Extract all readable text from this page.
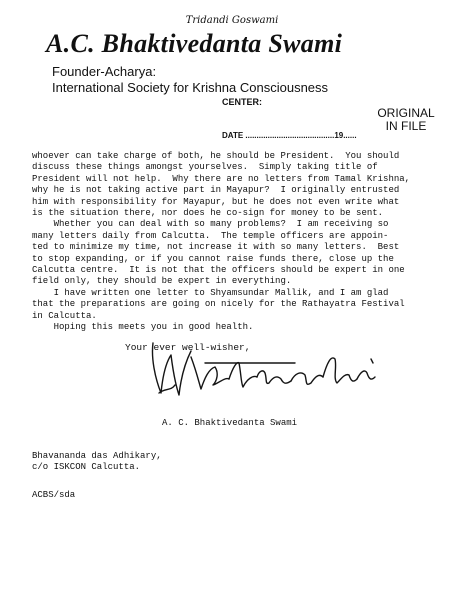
Tridandi Goswami
A.C. Bhaktivedanta Swami
Founder-Acharya:
International Society for Krishna Consciousness
CENTER:
ORIGINAL
IN FILE
DATE ........................................19......
whoever can take charge of both, he should be President.  You should
discuss these things amongst yourselves.  Simply taking title of
President will not help.  Why there are no letters from Tamal Krishna,
why he is not taking active part in Mayapur?  I originally entrusted
him with responsibility for Mayapur, but he does not even write what
is the situation there, nor does he co-sign for money to be sent.
Whether you can deal with so many problems?  I am receiving so
many letters daily from Calcutta.  The temple officers are appoin-
ted to minimize my time, not increase it with so many letters.  Best
to stop expanding, or if you cannot raise funds there, close up the
Calcutta centre.  It is not that the officers should be expert in one
field only, they should be expert in everything.
I have written one letter to Shyamsundar Mallik, and I am glad
that the preparations are going on nicely for the Rathayatra Festival
in Calcutta.
Hoping this meets you in good health.
Your ever well-wisher,
A. C. Bhaktivedanta Swami
Bhavananda das Adhikary,
c/o ISKCON Calcutta.
ACBS/sda
